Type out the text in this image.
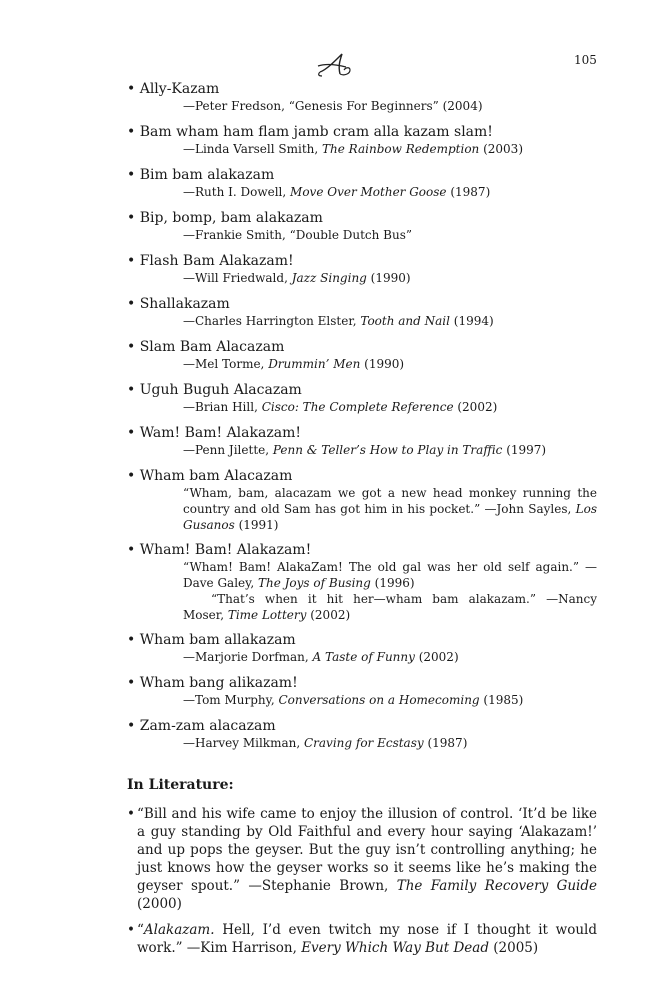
105
• Ally-Kazam
—Peter Fredson, “Genesis For Beginners” (2004)
• Bam wham ham flam jamb cram alla kazam slam!
—Linda Varsell Smith, The Rainbow Redemption (2003)
• Bim bam alakazam
—Ruth I. Dowell, Move Over Mother Goose (1987)
• Bip, bomp, bam alakazam
—Frankie Smith, “Double Dutch Bus”
• Flash Bam Alakazam!
—Will Friedwald, Jazz Singing (1990)
• Shallakazam
—Charles Harrington Elster, Tooth and Nail (1994)
• Slam Bam Alacazam
—Mel Torme, Drummin’ Men (1990)
• Uguh Buguh Alacazam
—Brian Hill, Cisco: The Complete Reference (2002)
• Wam! Bam! Alakazam!
—Penn Jilette, Penn & Teller’s How to Play in Traffic (1997)
• Wham bam Alacazam
“Wham, bam, alacazam we got a new head monkey running the country and old Sam has got him in his pocket.” —John Sayles, Los Gusanos (1991)
• Wham! Bam! Alakazam!
“Wham! Bam! AlakaZam! The old gal was her old self again.” —Dave Galey, The Joys of Busing (1996)
“That’s when it hit her—wham bam alakazam.” —Nancy Moser, Time Lottery (2002)
• Wham bam allakazam
—Marjorie Dorfman, A Taste of Funny (2002)
• Wham bang alikazam!
—Tom Murphy, Conversations on a Homecoming (1985)
• Zam-zam alacazam
—Harvey Milkman, Craving for Ecstasy (1987)
In Literature:
• “Bill and his wife came to enjoy the illusion of control. ‘It’d be like a guy standing by Old Faithful and every hour saying ‘Alakazam!’ and up pops the geyser. But the guy isn’t controlling anything; he just knows how the geyser works so it seems like he’s making the geyser spout.” —Stephanie Brown, The Family Recovery Guide (2000)
• “Alakazam. Hell, I’d even twitch my nose if I thought it would work.” —Kim Harrison, Every Which Way But Dead (2005)
